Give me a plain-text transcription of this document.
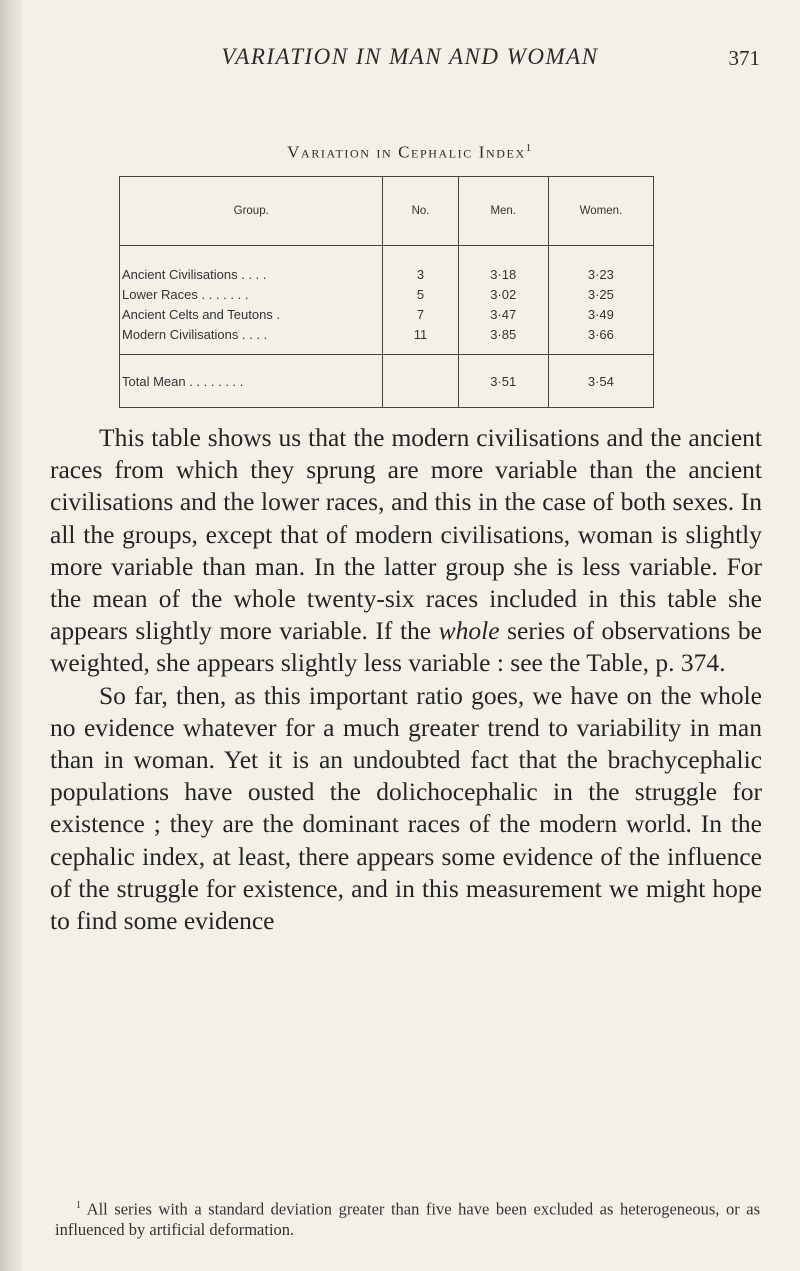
VARIATION IN MAN AND WOMAN	371
Variation in Cephalic Index$^1$
Group.	No.	Men.	Women.
Ancient Civilisations . . . .	3	3·18	3·23
Lower Races . . . . . . .	5	3·02	3·25
Ancient Celts and Teutons .	7	3·47	3·49
Modern Civilisations . . . .	11	3·85	3·66
Total Mean . . . . . . . .		3·51	3·54

This table shows us that the modern civilisations and the ancient races from which they sprung are more variable than the ancient civilisations and the lower races, and this in the case of both sexes. In all the groups, except that of modern civilisations, woman is slightly more variable than man. In the latter group she is less variable. For the mean of the whole twenty-six races included in this table she appears slightly more variable. If the whole series of observations be weighted, she appears slightly less variable : see the Table, p. 374.

So far, then, as this important ratio goes, we have on the whole no evidence whatever for a much greater trend to variability in man than in woman. Yet it is an undoubted fact that the brachycephalic populations have ousted the dolichocephalic in the struggle for existence ; they are the dominant races of the modern world. In the cephalic index, at least, there appears some evidence of the influence of the struggle for existence, and in this measurement we might hope to find some evidence

$^1$ All series with a standard deviation greater than five have been excluded as heterogeneous, or as influenced by artificial deformation.
